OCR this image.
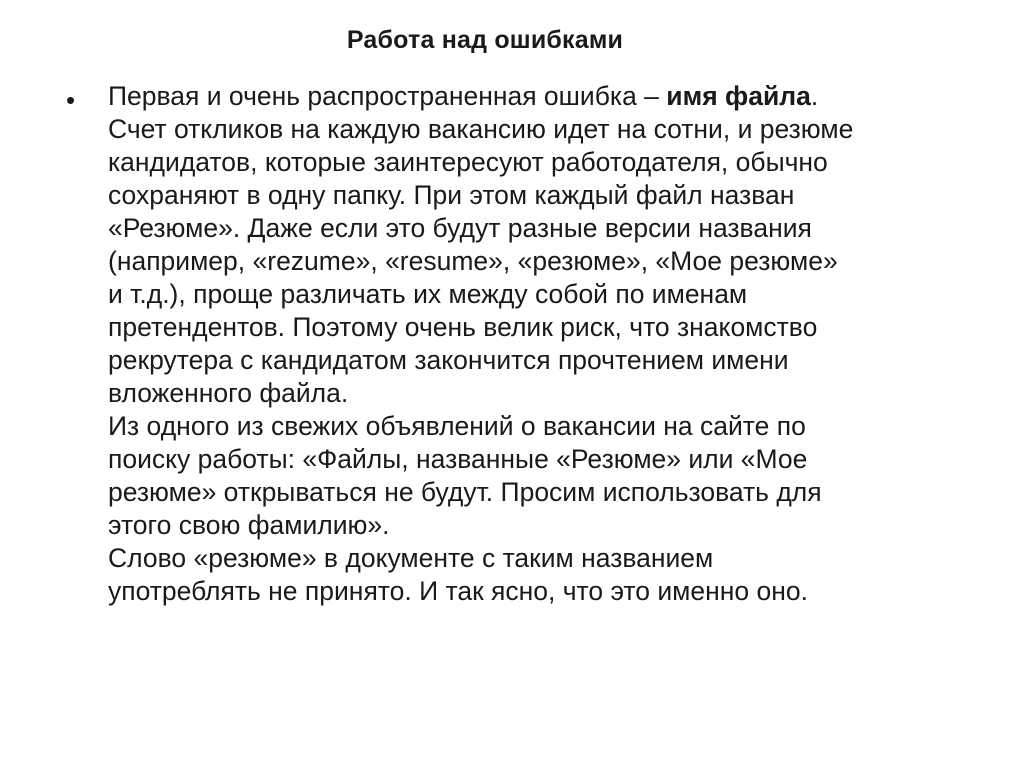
Работа над ошибками
• Первая и очень распространенная ошибка – имя файла.
Счет откликов на каждую вакансию идет на сотни, и резюме
кандидатов, которые заинтересуют работодателя, обычно
сохраняют в одну папку. При этом каждый файл назван
«Резюме». Даже если это будут разные версии названия
(например, «rezume», «resume», «резюме», «Мое резюме»
и т.д.), проще различать их между собой по именам
претендентов. Поэтому очень велик риск, что знакомство
рекрутера с кандидатом закончится прочтением имени
вложенного файла.
Из одного из свежих объявлений о вакансии на сайте по
поиску работы: «Файлы, названные «Резюме» или «Мое
резюме» открываться не будут. Просим использовать для
этого свою фамилию».
Слово «резюме» в документе с таким названием
употреблять не принято. И так ясно, что это именно оно.
